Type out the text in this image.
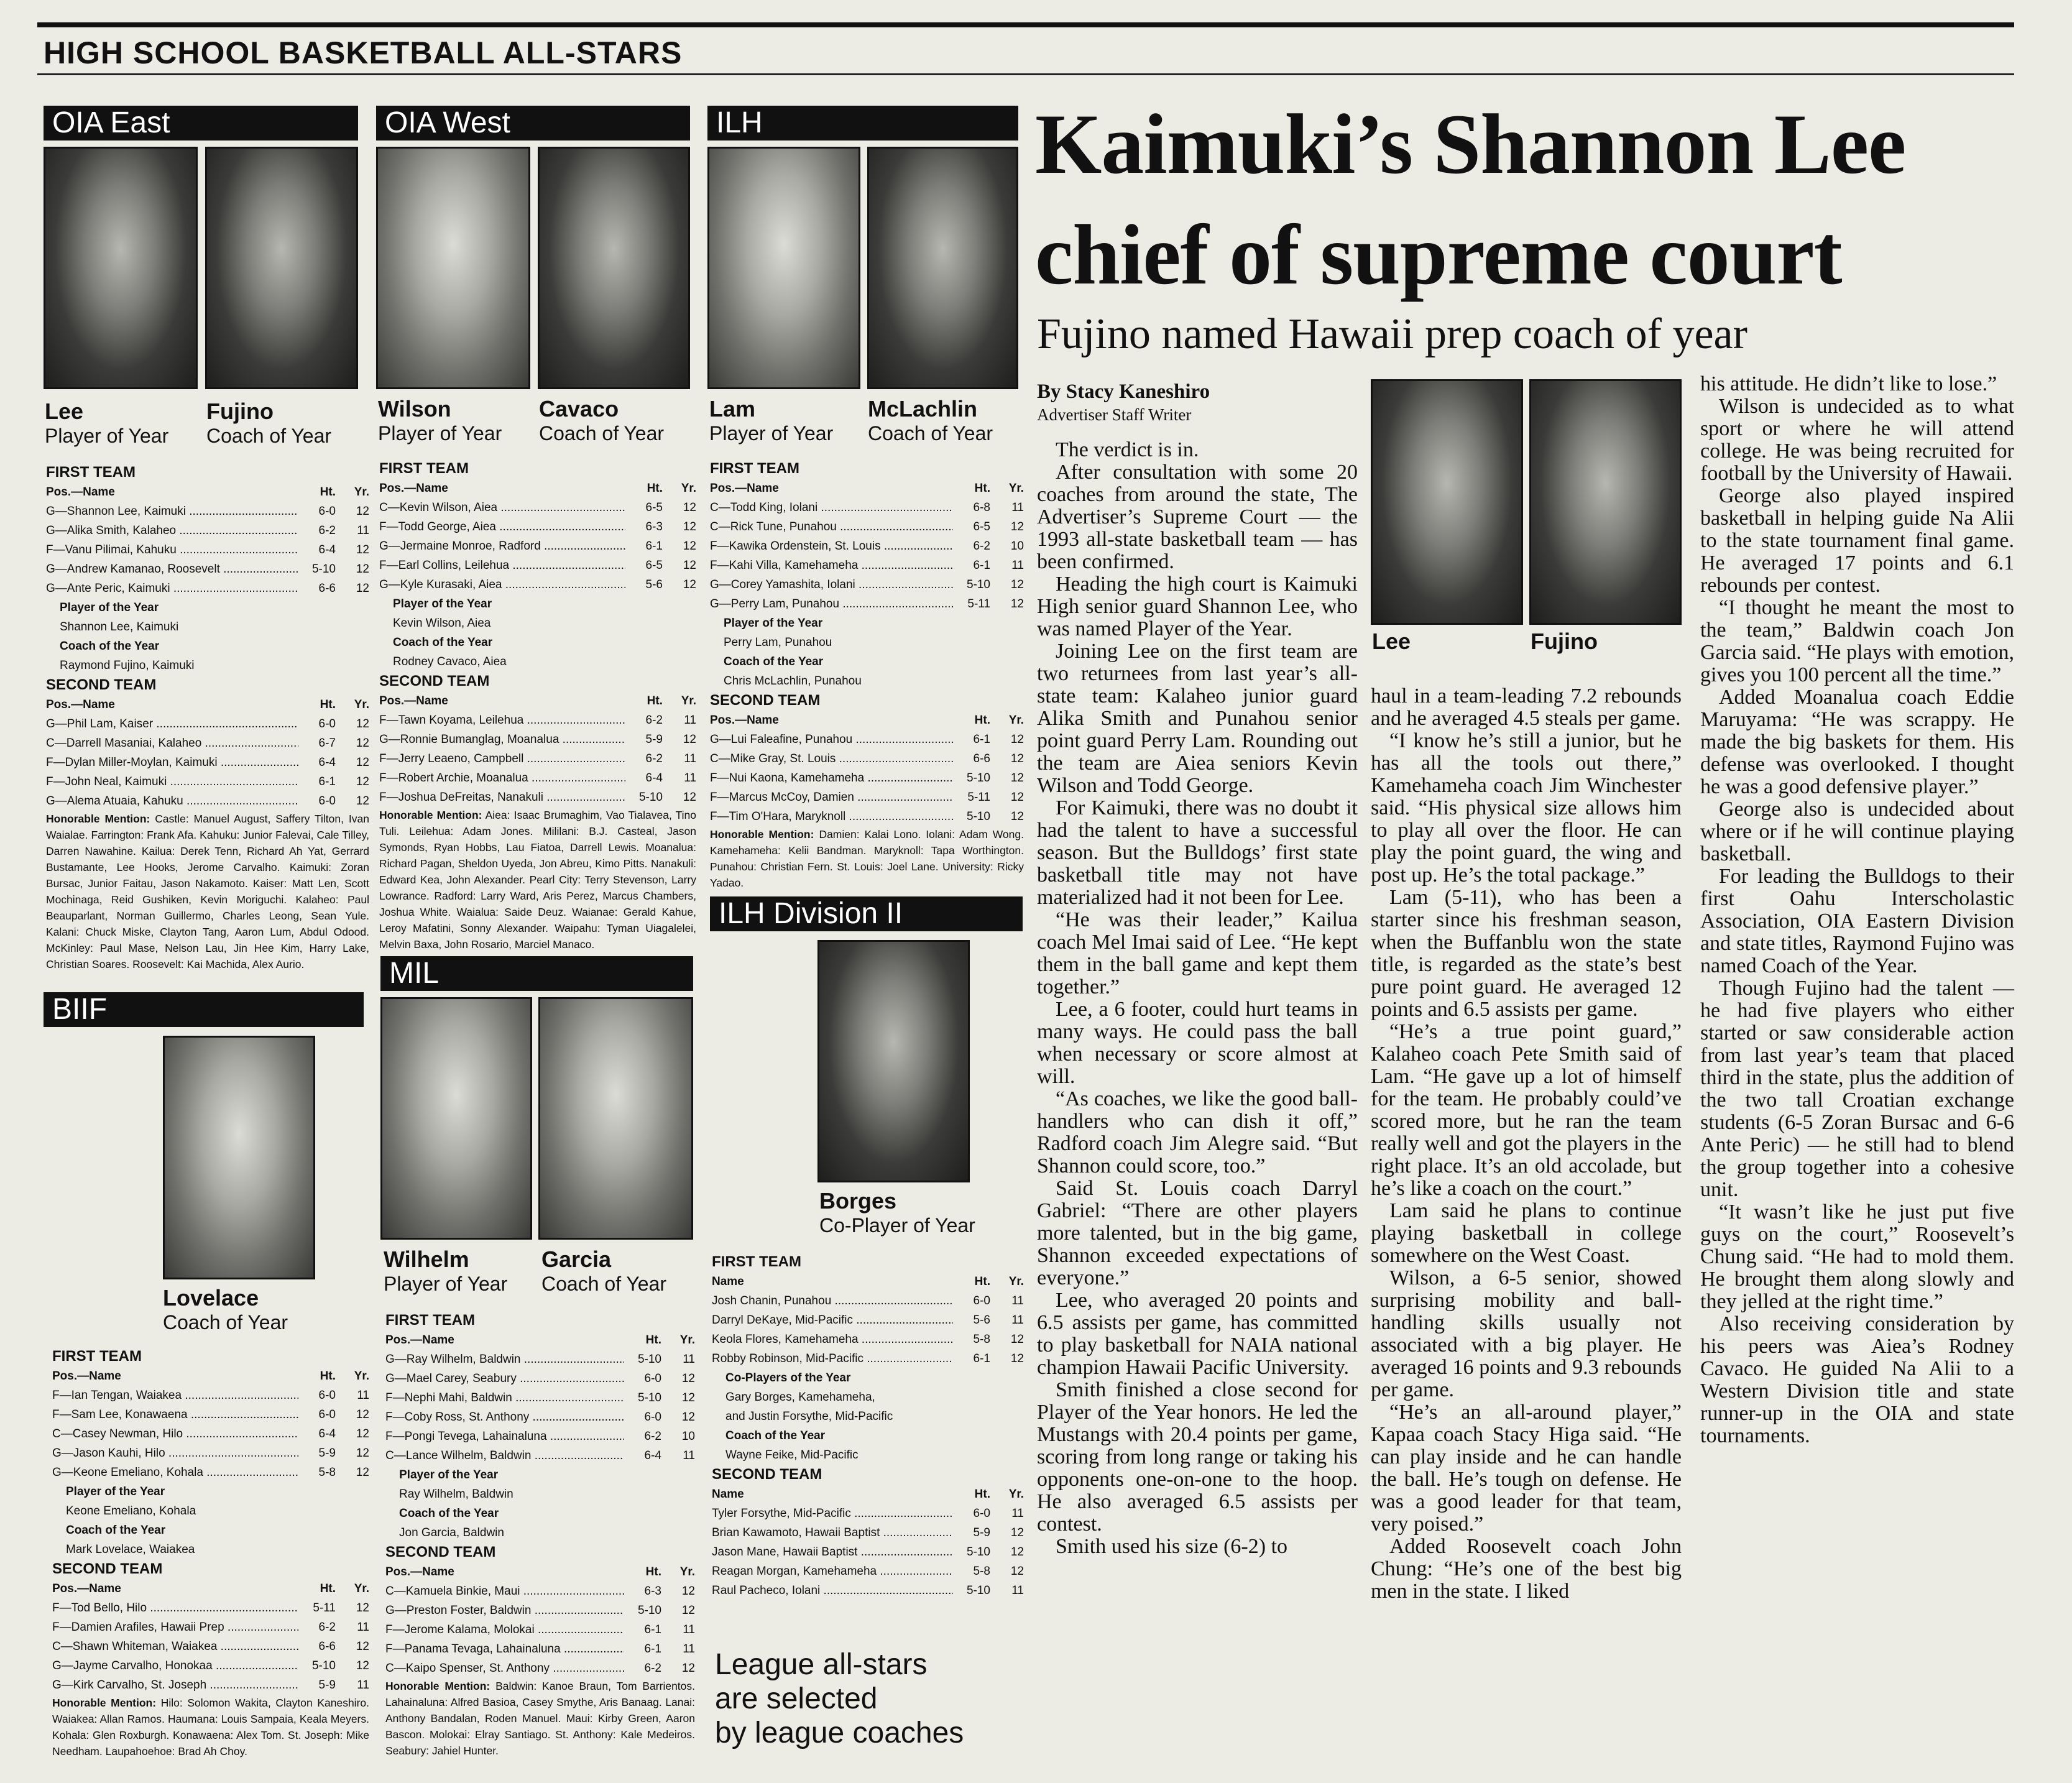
HIGH SCHOOL BASKETBALL ALL-STARS
OIA East
Lee
Player of Year
Fujino
Coach of Year
FIRST TEAM
Pos.—Name	Ht.	Yr.
G—Shannon Lee, Kaimuki .....	6-0	12
G—Alika Smith, Kalaheo .....	6-2	11
F—Vanu Pilimai, Kahuku .....	6-4	12
G—Andrew Kamanao, Roosevelt .....	5-10	12
G—Ante Peric, Kaimuki .....	6-6	12
Player of the Year
Shannon Lee, Kaimuki
Coach of the Year
Raymond Fujino, Kaimuki
SECOND TEAM
Pos.—Name	Ht.	Yr.
G—Phil Lam, Kaiser .....	6-0	12
C—Darrell Masaniai, Kalaheo .....	6-7	12
F—Dylan Miller-Moylan, Kaimuki .....	6-4	12
F—John Neal, Kaimuki .....	6-1	12
G—Alema Atuaia, Kahuku .....	6-0	12
Honorable Mention: Castle: Manuel August, Saffery Tilton, Ivan Waialae. Farrington: Frank Afa. Kahuku: Junior Falevai, Cale Tilley, Darren Nawahine. Kailua: Derek Tenn, Richard Ah Yat, Gerrard Bustamante, Lee Hooks, Jerome Carvalho. Kaimuki: Zoran Bursac, Junior Faitau, Jason Nakamoto. Kaiser: Matt Len, Scott Mochinaga, Reid Gushiken, Kevin Moriguchi. Kalaheo: Paul Beauparlant, Norman Guillermo, Charles Leong, Sean Yule. Kalani: Chuck Miske, Clayton Tang, Aaron Lum, Abdul Odood. McKinley: Paul Mase, Nelson Lau, Jin Hee Kim, Harry Lake, Christian Soares. Roosevelt: Kai Machida, Alex Aurio.
OIA West
Wilson
Player of Year
Cavaco
Coach of Year
FIRST TEAM
Pos.—Name	Ht.	Yr.
C—Kevin Wilson, Aiea .....	6-5	12
F—Todd George, Aiea .....	6-3	12
G—Jermaine Monroe, Radford .....	6-1	12
F—Earl Collins, Leilehua .....	6-5	12
G—Kyle Kurasaki, Aiea .....	5-6	12
Player of the Year
Kevin Wilson, Aiea
Coach of the Year
Rodney Cavaco, Aiea
SECOND TEAM
Pos.—Name	Ht.	Yr.
F—Tawn Koyama, Leilehua .....	6-2	11
G—Ronnie Bumanglag, Moanalua .....	5-9	12
F—Jerry Leaeno, Campbell .....	6-2	11
F—Robert Archie, Moanalua .....	6-4	11
F—Joshua DeFreitas, Nanakuli .....	5-10	12
Honorable Mention: Aiea: Isaac Brumaghim, Vao Tialavea, Tino Tuli. Leilehua: Adam Jones. Mililani: B.J. Casteal, Jason Symonds, Ryan Hobbs, Lau Fiatoa, Darrell Lewis. Moanalua: Richard Pagan, Sheldon Uyeda, Jon Abreu, Kimo Pitts. Nanakuli: Edward Kea, John Alexander. Pearl City: Terry Stevenson, Larry Lowrance. Radford: Larry Ward, Aris Perez, Marcus Chambers, Joshua White. Waialua: Saide Deuz. Waianae: Gerald Kahue, Leroy Mafatini, Sonny Alexander. Waipahu: Tyman Uiagalelei, Melvin Baxa, John Rosario, Marciel Manaco.
ILH
Lam
Player of Year
McLachlin
Coach of Year
FIRST TEAM
Pos.—Name	Ht.	Yr.
C—Todd King, Iolani .....	6-8	11
C—Rick Tune, Punahou .....	6-5	12
F—Kawika Ordenstein, St. Louis .....	6-2	10
F—Kahi Villa, Kamehameha .....	6-1	11
G—Corey Yamashita, Iolani .....	5-10	12
G—Perry Lam, Punahou .....	5-11	12
Player of the Year
Perry Lam, Punahou
Coach of the Year
Chris McLachlin, Punahou
SECOND TEAM
Pos.—Name	Ht.	Yr.
G—Lui Faleafine, Punahou .....	6-1	12
C—Mike Gray, St. Louis .....	6-6	12
F—Nui Kaona, Kamehameha .....	5-10	12
F—Marcus McCoy, Damien .....	5-11	12
F—Tim O'Hara, Maryknoll .....	5-10	12
Honorable Mention: Damien: Kalai Lono. Iolani: Adam Wong. Kamehameha: Kelii Bandman. Maryknoll: Tapa Worthington. Punahou: Christian Fern. St. Louis: Joel Lane. University: Ricky Yadao.
BIIF
Lovelace
Coach of Year
FIRST TEAM
Pos.—Name	Ht.	Yr.
F—Ian Tengan, Waiakea .....	6-0	11
F—Sam Lee, Konawaena .....	6-0	12
C—Casey Newman, Hilo .....	6-4	12
G—Jason Kauhi, Hilo .....	5-9	12
G—Keone Emeliano, Kohala .....	5-8	12
Player of the Year
Keone Emeliano, Kohala
Coach of the Year
Mark Lovelace, Waiakea
SECOND TEAM
Pos.—Name	Ht.	Yr.
F—Tod Bello, Hilo .....	5-11	12
F—Damien Arafiles, Hawaii Prep .....	6-2	11
C—Shawn Whiteman, Waiakea .....	6-6	12
G—Jayme Carvalho, Honokaa .....	5-10	12
G—Kirk Carvalho, St. Joseph .....	5-9	11
Honorable Mention: Hilo: Solomon Wakita, Clayton Kaneshiro. Waiakea: Allan Ramos. Haumana: Louis Sampaia, Keala Meyers. Kohala: Glen Roxburgh. Konawaena: Alex Tom. St. Joseph: Mike Needham. Laupahoehoe: Brad Ah Choy.
MIL
Wilhelm
Player of Year
Garcia
Coach of Year
FIRST TEAM
Pos.—Name	Ht.	Yr.
G—Ray Wilhelm, Baldwin .....	5-10	11
G—Mael Carey, Seabury .....	6-0	12
F—Nephi Mahi, Baldwin .....	5-10	12
F—Coby Ross, St. Anthony .....	6-0	12
F—Pongi Tevega, Lahainaluna .....	6-2	10
C—Lance Wilhelm, Baldwin .....	6-4	11
Player of the Year
Ray Wilhelm, Baldwin
Coach of the Year
Jon Garcia, Baldwin
SECOND TEAM
Pos.—Name	Ht.	Yr.
C—Kamuela Binkie, Maui .....	6-3	12
G—Preston Foster, Baldwin .....	5-10	12
F—Jerome Kalama, Molokai .....	6-1	11
F—Panama Tevaga, Lahainaluna .....	6-1	11
C—Kaipo Spenser, St. Anthony .....	6-2	12
Honorable Mention: Baldwin: Kanoe Braun, Tom Barrientos. Lahainaluna: Alfred Basioa, Casey Smythe, Aris Banaag. Lanai: Anthony Bandalan, Roden Manuel. Maui: Kirby Green, Aaron Bascon. Molokai: Elray Santiago. St. Anthony: Kale Medeiros. Seabury: Jahiel Hunter.
ILH Division II
Borges
Co-Player of Year
FIRST TEAM
Name	Ht.	Yr.
Josh Chanin, Punahou .....	6-0	11
Darryl DeKaye, Mid-Pacific .....	5-6	11
Keola Flores, Kamehameha .....	5-8	12
Robby Robinson, Mid-Pacific .....	6-1	12
Co-Players of the Year
Gary Borges, Kamehameha,
and Justin Forsythe, Mid-Pacific
Coach of the Year
Wayne Feike, Mid-Pacific
SECOND TEAM
Name	Ht.	Yr.
Tyler Forsythe, Mid-Pacific .....	6-0	11
Brian Kawamoto, Hawaii Baptist .....	5-9	12
Jason Mane, Hawaii Baptist .....	5-10	12
Reagan Morgan, Kamehameha .....	5-8	12
Raul Pacheco, Iolani .....	5-10	11
League all-stars
are selected
by league coaches
Kaimuki’s Shannon Lee
chief of supreme court
Fujino named Hawaii prep coach of year
By Stacy Kaneshiro
Advertiser Staff Writer
Lee	Fujino

The verdict is in.

After consultation with some 20 coaches from around the state, The Advertiser’s Supreme Court — the 1993 all-state basketball team — has been confirmed.

Heading the high court is Kaimuki High senior guard Shannon Lee, who was named Player of the Year.

Joining Lee on the first team are two returnees from last year’s all-state team: Kalaheo junior guard Alika Smith and Punahou senior point guard Perry Lam. Rounding out the team are Aiea seniors Kevin Wilson and Todd George.

For Kaimuki, there was no doubt it had the talent to have a successful season. But the Bulldogs’ first state basketball title may not have materialized had it not been for Lee.

“He was their leader,” Kailua coach Mel Imai said of Lee. “He kept them in the ball game and kept them together.”

Lee, a 6 footer, could hurt teams in many ways. He could pass the ball when necessary or score almost at will.

“As coaches, we like the good ball-handlers who can dish it off,” Radford coach Jim Alegre said. “But Shannon could score, too.”

Said St. Louis coach Darryl Gabriel: “There are other players more talented, but in the big game, Shannon exceeded expectations of everyone.”

Lee, who averaged 20 points and 6.5 assists per game, has committed to play basketball for NAIA national champion Hawaii Pacific University.

Smith finished a close second for Player of the Year honors. He led the Mustangs with 20.4 points per game, scoring from long range or taking his opponents one-on-one to the hoop. He also averaged 6.5 assists per contest.

Smith used his size (6-2) to

haul in a team-leading 7.2 rebounds and he averaged 4.5 steals per game.

“I know he’s still a junior, but he has all the tools out there,” Kamehameha coach Jim Winchester said. “His physical size allows him to play all over the floor. He can play the point guard, the wing and post up. He’s the total package.”

Lam (5-11), who has been a starter since his freshman season, when the Buffanblu won the state title, is regarded as the state’s best pure point guard. He averaged 12 points and 6.5 assists per game.

“He’s a true point guard,” Kalaheo coach Pete Smith said of Lam. “He gave up a lot of himself for the team. He probably could’ve scored more, but he ran the team really well and got the players in the right place. It’s an old accolade, but he’s like a coach on the court.”

Lam said he plans to continue playing basketball in college somewhere on the West Coast.

Wilson, a 6-5 senior, showed surprising mobility and ball-handling skills usually not associated with a big player. He averaged 16 points and 9.3 rebounds per game.

“He’s an all-around player,” Kapaa coach Stacy Higa said. “He can play inside and he can handle the ball. He’s tough on defense. He was a good leader for that team, very poised.”

Added Roosevelt coach John Chung: “He’s one of the best big men in the state. I liked

his attitude. He didn’t like to lose.”

Wilson is undecided as to what sport or where he will attend college. He was being recruited for football by the University of Hawaii.

George also played inspired basketball in helping guide Na Alii to the state tournament final game. He averaged 17 points and 6.1 rebounds per contest.

“I thought he meant the most to the team,” Baldwin coach Jon Garcia said. “He plays with emotion, gives you 100 percent all the time.”

Added Moanalua coach Eddie Maruyama: “He was scrappy. He made the big baskets for them. His defense was overlooked. I thought he was a good defensive player.”

George also is undecided about where or if he will continue playing basketball.

For leading the Bulldogs to their first Oahu Interscholastic Association, OIA Eastern Division and state titles, Raymond Fujino was named Coach of the Year.

Though Fujino had the talent — he had five players who either started or saw considerable action from last year’s team that placed third in the state, plus the addition of the two tall Croatian exchange students (6-5 Zoran Bursac and 6-6 Ante Peric) — he still had to blend the group together into a cohesive unit.

“It wasn’t like he just put five guys on the court,” Roosevelt’s Chung said. “He had to mold them. He brought them along slowly and they jelled at the right time.”

Also receiving consideration by his peers was Aiea’s Rodney Cavaco. He guided Na Alii to a Western Division title and state runner-up in the OIA and state tournaments.
